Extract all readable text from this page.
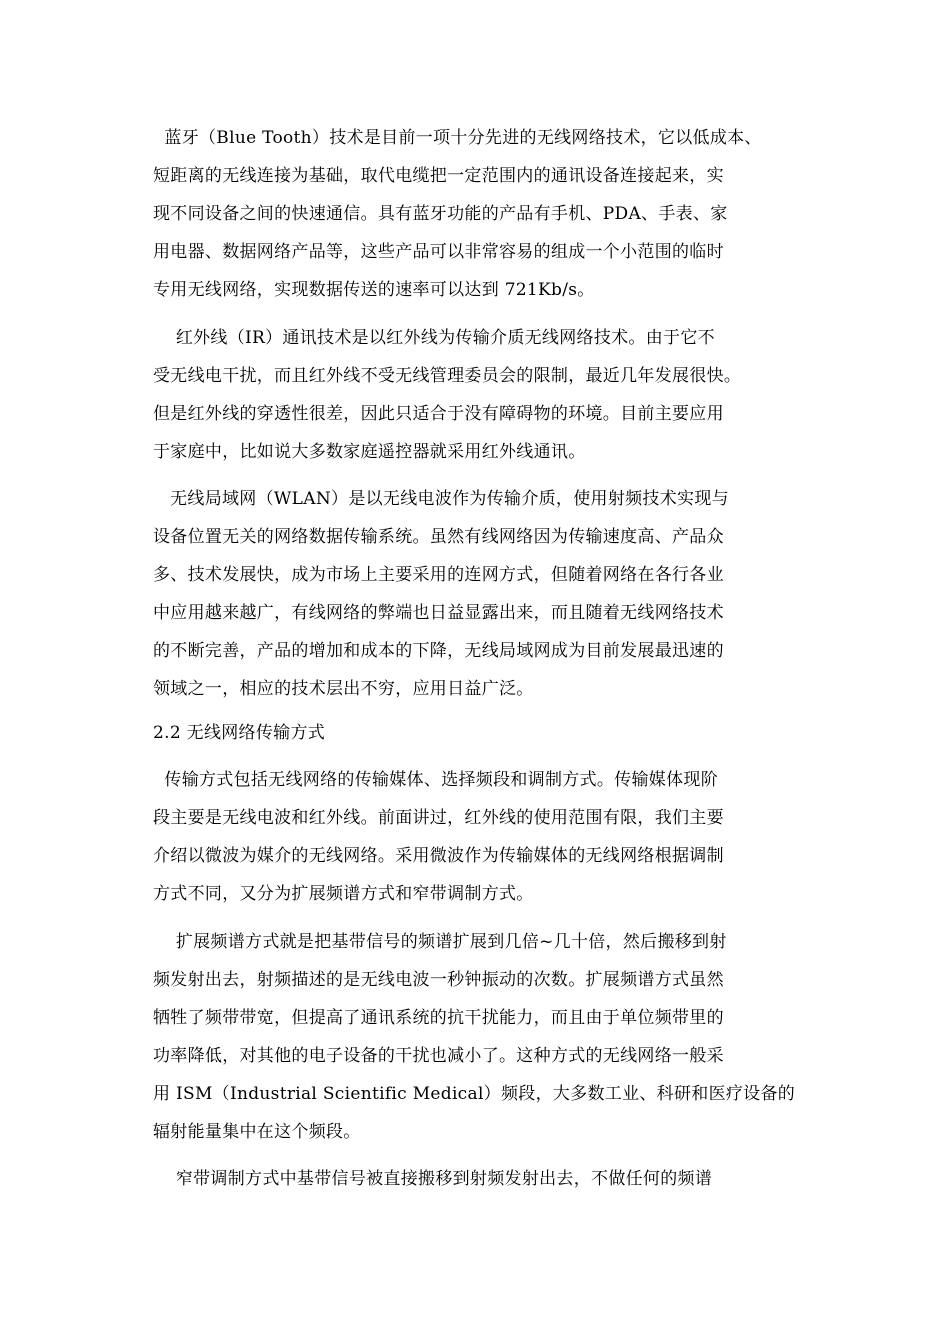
蓝牙（Blue Tooth）技术是目前一项十分先进的无线网络技术，它以低成本、
短距离的无线连接为基础，取代电缆把一定范围内的通讯设备连接起来，实
现不同设备之间的快速通信。具有蓝牙功能的产品有手机、PDA、手表、家
用电器、数据网络产品等，这些产品可以非常容易的组成一个小范围的临时
专用无线网络，实现数据传送的速率可以达到 721Kb/s。
红外线（IR）通讯技术是以红外线为传输介质无线网络技术。由于它不
受无线电干扰，而且红外线不受无线管理委员会的限制，最近几年发展很快。
但是红外线的穿透性很差，因此只适合于没有障碍物的环境。目前主要应用
于家庭中，比如说大多数家庭遥控器就采用红外线通讯。
无线局域网（WLAN）是以无线电波作为传输介质，使用射频技术实现与
设备位置无关的网络数据传输系统。虽然有线网络因为传输速度高、产品众
多、技术发展快，成为市场上主要采用的连网方式，但随着网络在各行各业
中应用越来越广，有线网络的弊端也日益显露出来，而且随着无线网络技术
的不断完善，产品的增加和成本的下降，无线局域网成为目前发展最迅速的
领域之一，相应的技术层出不穷，应用日益广泛。
2.2 无线网络传输方式
传输方式包括无线网络的传输媒体、选择频段和调制方式。传输媒体现阶
段主要是无线电波和红外线。前面讲过，红外线的使用范围有限，我们主要
介绍以微波为媒介的无线网络。采用微波作为传输媒体的无线网络根据调制
方式不同，又分为扩展频谱方式和窄带调制方式。
扩展频谱方式就是把基带信号的频谱扩展到几倍~几十倍，然后搬移到射
频发射出去，射频描述的是无线电波一秒钟振动的次数。扩展频谱方式虽然
牺牲了频带带宽，但提高了通讯系统的抗干扰能力，而且由于单位频带里的
功率降低，对其他的电子设备的干扰也减小了。这种方式的无线网络一般采
用 ISM（Industrial Scientific Medical）频段，大多数工业、科研和医疗设备的
辐射能量集中在这个频段。
窄带调制方式中基带信号被直接搬移到射频发射出去，不做任何的频谱
